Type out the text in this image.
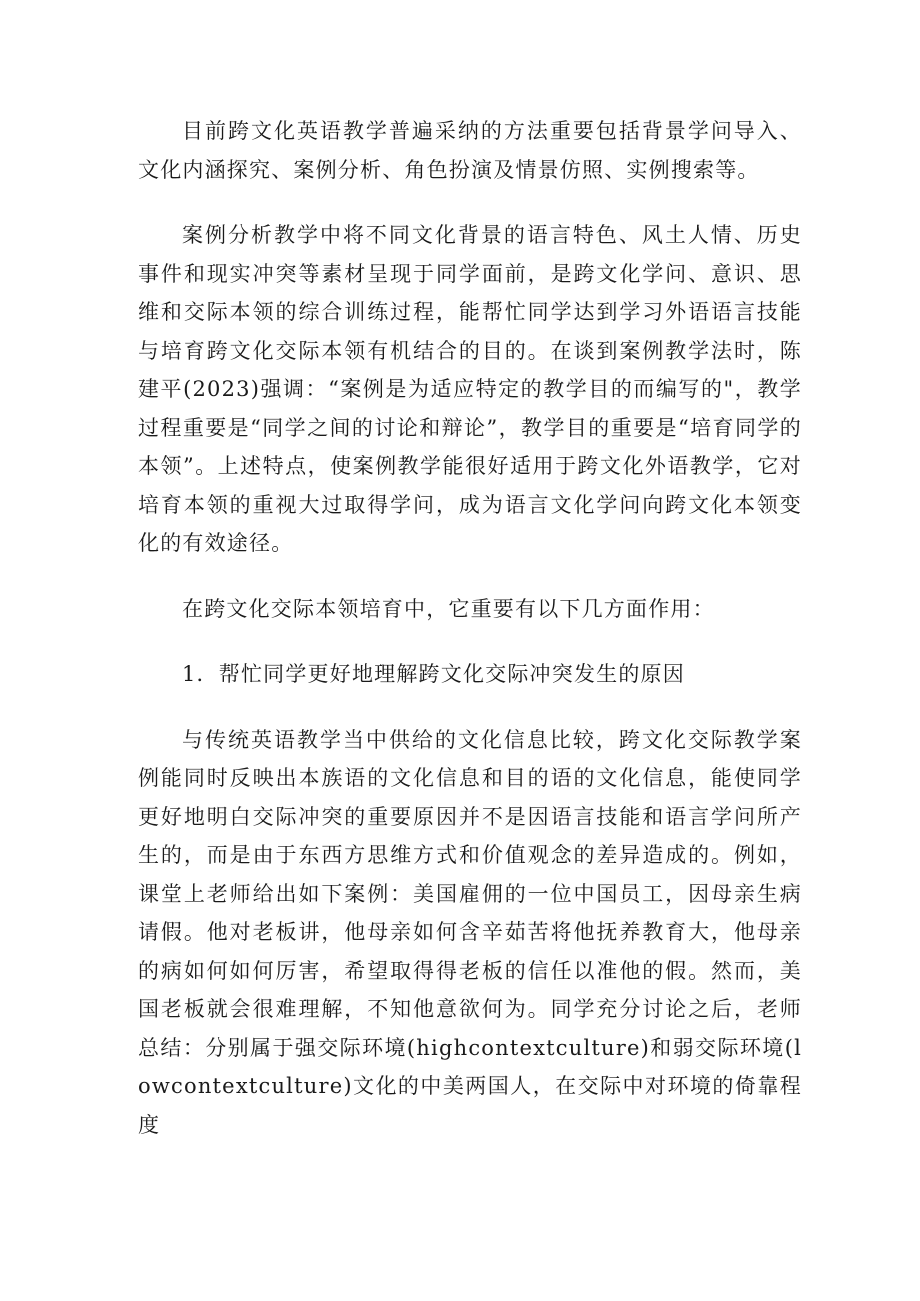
目前跨文化英语教学普遍采纳的方法重要包括背景学问导入、文化内涵探究、案例分析、角色扮演及情景仿照、实例搜索等。

案例分析教学中将不同文化背景的语言特色、风土人情、历史事件和现实冲突等素材呈现于同学面前，是跨文化学问、意识、思维和交际本领的综合训练过程，能帮忙同学达到学习外语语言技能与培育跨文化交际本领有机结合的目的。在谈到案例教学法时，陈建平(2023)强调：“案例是为适应特定的教学目的而编写的"，教学过程重要是“同学之间的讨论和辩论”，教学目的重要是“培育同学的本领”。上述特点，使案例教学能很好适用于跨文化外语教学，它对培育本领的重视大过取得学问，成为语言文化学问向跨文化本领变化的有效途径。

在跨文化交际本领培育中，它重要有以下几方面作用：

1．帮忙同学更好地理解跨文化交际冲突发生的原因

与传统英语教学当中供给的文化信息比较，跨文化交际教学案例能同时反映出本族语的文化信息和目的语的文化信息，能使同学更好地明白交际冲突的重要原因并不是因语言技能和语言学问所产生的，而是由于东西方思维方式和价值观念的差异造成的。例如，课堂上老师给出如下案例：美国雇佣的一位中国员工，因母亲生病请假。他对老板讲，他母亲如何含辛茹苦将他抚养教育大，他母亲的病如何如何厉害，希望取得得老板的信任以准他的假。然而，美国老板就会很难理解，不知他意欲何为。同学充分讨论之后，老师总结：分别属于强交际环境(highcontextculture)和弱交际环境(lowcontextculture)文化的中美两国人，在交际中对环境的倚靠程度
